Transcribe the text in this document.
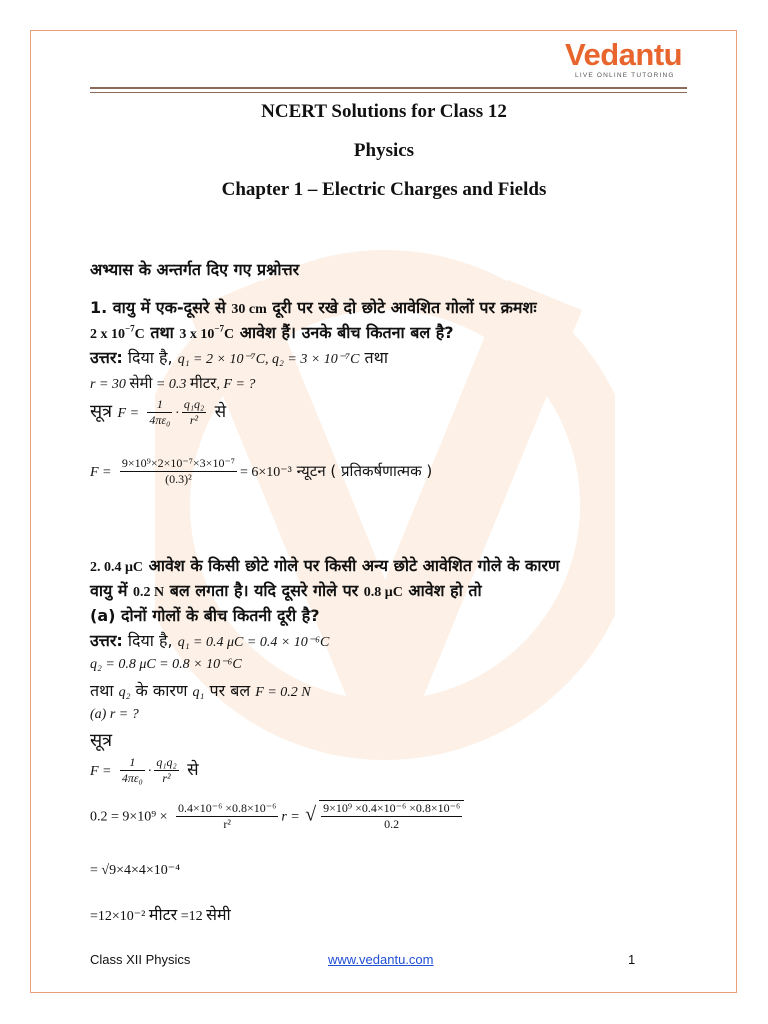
Vedantu
LIVE ONLINE TUTORING
NCERT Solutions for Class 12
Physics
Chapter 1 – Electric Charges and Fields
अभ्यास के अन्तर्गत दिए गए प्रश्नोत्तर
1. वायु में एक-दूसरे से 30 cm दूरी पर रखे दो छोटे आवेशित गोलों पर क्रमशः
2 x $10^{-7}C$ तथा 3 x $10^{-7}C$ आवेश हैं। उनके बीच कितना बल है?
उत्तर: दिया है, q₁ = 2 × 10⁻⁷C, q₂ = 3 × 10⁻⁷C तथा
r = 30 सेमी = 0.3 मीटर, F = ?
सूत्र $F = \frac{1}{\text{4πε₀}} \cdot \frac{\text{q₁q₂}}{\text{r²}}$ से
$F = \frac{\text{9×10⁹×2×10⁻⁷×3×10⁻⁷}}{\text{(0.3)²}} = 6\times 10^{-3}$ न्यूटन ( प्रतिकर्षणात्मक )
2. 0.4 μC आवेश के किसी छोटे गोले पर किसी अन्य छोटे आवेशित गोले के कारण
वायु में 0.2 N बल लगता है। यदि दूसरे गोले पर 0.8 μC आवेश हो तो
(a) दोनों गोलों के बीच कितनी दूरी है?
उत्तर: दिया है, q₁ = 0.4 μC = 0.4 × 10⁻⁶C
q₂ = 0.8 μC = 0.8 × 10⁻⁶C
तथा q₂ के कारण q₁ पर बल F = 0.2 N
(a) r = ?
सूत्र
$F = \frac{1}{\text{4πε₀}} \cdot \frac{\text{q₁q₂}}{\text{r²}}$ से
$0.2 = 9\times 10^9 \times \frac{\text{0.4×10⁻⁶ ×0.8×10⁻⁶}}{\text{r²}}$ r = √ $\frac{\text{9×10⁹ ×0.4×10⁻⁶ ×0.8×10⁻⁶}}{0.2}$
= √9×4×4×10⁻⁴
=12×10⁻² मीटर =12 सेमी
Class XII Physics	www.vedantu.com	1
